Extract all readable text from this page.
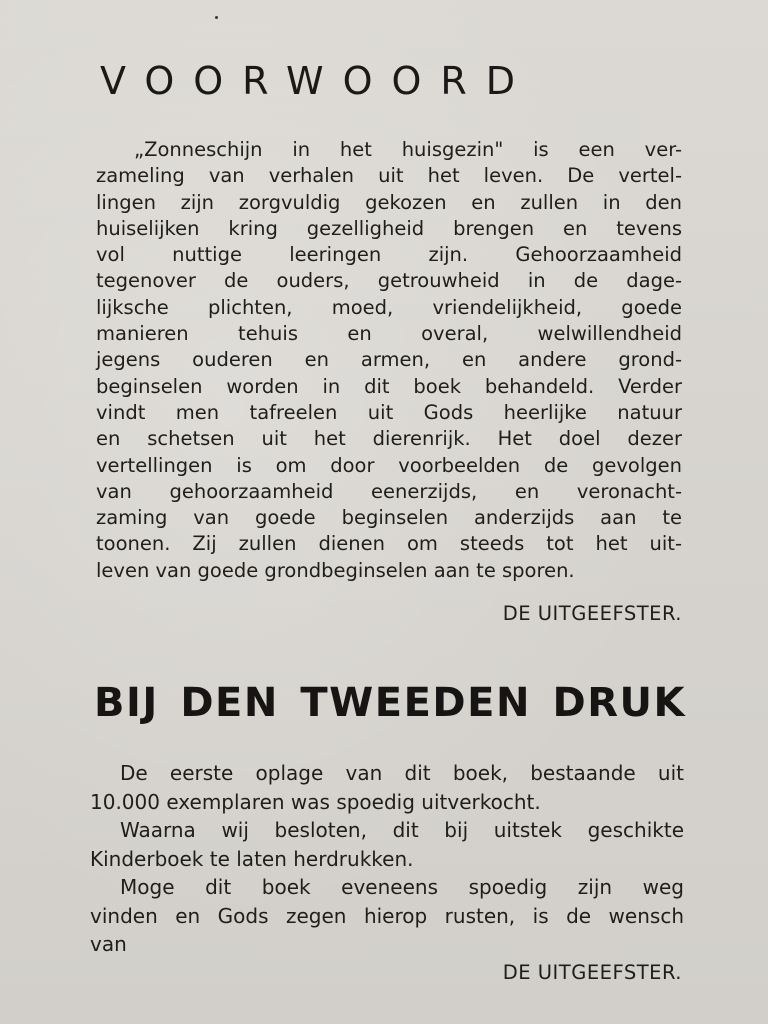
VOORWOORD
„Zonneschijn in het huisgezin" is een ver-
zameling van verhalen uit het leven. De vertel-
lingen zijn zorgvuldig gekozen en zullen in den
huiselijken kring gezelligheid brengen en tevens
vol nuttige leeringen zijn. Gehoorzaamheid
tegenover de ouders, getrouwheid in de dage-
lijksche plichten, moed, vriendelijkheid, goede
manieren tehuis en overal, welwillendheid
jegens ouderen en armen, en andere grond-
beginselen worden in dit boek behandeld. Verder
vindt men tafreelen uit Gods heerlijke natuur
en schetsen uit het dierenrijk. Het doel dezer
vertellingen is om door voorbeelden de gevolgen
van gehoorzaamheid eenerzijds, en veronacht-
zaming van goede beginselen anderzijds aan te
toonen. Zij zullen dienen om steeds tot het uit-
leven van goede grondbeginselen aan te sporen.
DE UITGEEFSTER.
BIJ DEN TWEEDEN DRUK
De eerste oplage van dit boek, bestaande uit
10.000 exemplaren was spoedig uitverkocht.
Waarna wij besloten, dit bij uitstek geschikte
Kinderboek te laten herdrukken.
Moge dit boek eveneens spoedig zijn weg
vinden en Gods zegen hierop rusten, is de wensch
van
DE UITGEEFSTER.
